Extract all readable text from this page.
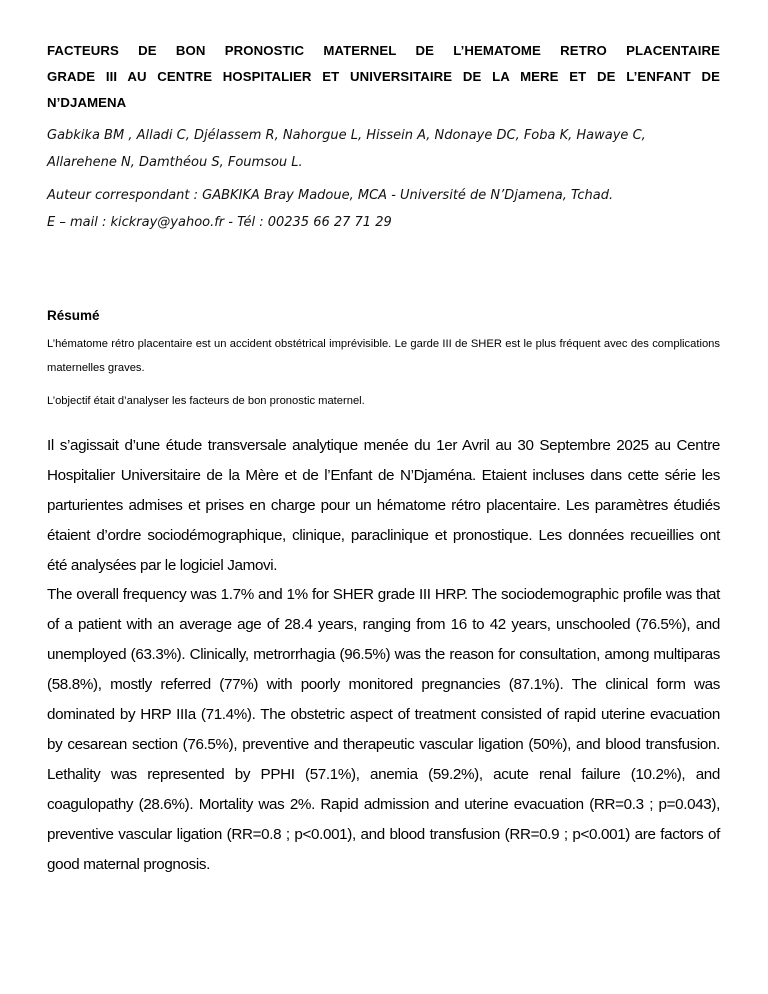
FACTEURS DE BON PRONOSTIC MATERNEL DE L’HEMATOME RETRO PLACENTAIRE
GRADE III AU CENTRE HOSPITALIER ET UNIVERSITAIRE DE LA MERE ET DE L’ENFANT DE
N’DJAMENA
Gabkika BM , Alladi C, Djélassem R, Nahorgue L, Hissein A, Ndonaye DC, Foba K, Hawaye C,
Allarehene N, Damthéou S, Foumsou L.
Auteur correspondant : GABKIKA Bray Madoue, MCA - Université de N’Djamena, Tchad.
E – mail : kickray@yahoo.fr - Tél : 00235 66 27 71 29
Résumé

L’hématome rétro placentaire est un accident obstétrical imprévisible. Le garde III de SHER est le plus fréquent avec des complications maternelles graves.

L’objectif était d’analyser les facteurs de bon pronostic maternel.

Il s’agissait d’une étude transversale analytique menée du 1er Avril au 30 Septembre 2025 au Centre Hospitalier Universitaire de la Mère et de l’Enfant de N’Djaména. Etaient incluses dans cette série les parturientes admises et prises en charge pour un hématome rétro placentaire. Les paramètres étudiés étaient d’ordre sociodémographique, clinique, paraclinique et pronostique. Les données recueillies ont été analysées par le logiciel Jamovi.

The overall frequency was 1.7% and 1% for SHER grade III HRP. The sociodemographic profile was that of a patient with an average age of 28.4 years, ranging from 16 to 42 years, unschooled (76.5%), and unemployed (63.3%). Clinically, metrorrhagia (96.5%) was the reason for consultation, among multiparas (58.8%), mostly referred (77%) with poorly monitored pregnancies (87.1%). The clinical form was dominated by HRP IIIa (71.4%). The obstetric aspect of treatment consisted of rapid uterine evacuation by cesarean section (76.5%), preventive and therapeutic vascular ligation (50%), and blood transfusion. Lethality was represented by PPHI (57.1%), anemia (59.2%), acute renal failure (10.2%), and coagulopathy (28.6%). Mortality was 2%. Rapid admission and uterine evacuation (RR=0.3 ; p=0.043), preventive vascular ligation (RR=0.8 ; p<0.001), and blood transfusion (RR=0.9 ; p<0.001) are factors of good maternal prognosis.
